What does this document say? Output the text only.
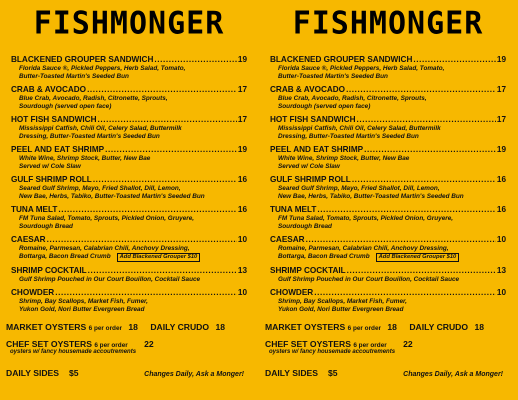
FISHMONGER
BLACKENED GROUPER SANDWICH .....	19
Florida Sauce ®, Pickled Peppers, Herb Salad, Tomato,
Butter-Toasted Martin's Seeded Bun
CRAB & AVOCADO .....	17
Blue Crab, Avocado, Radish, Citronette, Sprouts,
Sourdough (served open face)
HOT FISH SANDWICH .....	17
Mississippi Catfish, Chili Oil, Celery Salad, Buttermilk
Dressing, Butter-Toasted Martin's Seeded Bun
PEEL AND EAT SHRIMP .....	19
White Wine, Shrimp Stock, Butter, New Bae
Served w/ Cole Slaw
GULF SHRIMP ROLL .....	16
Seared Gulf Shrimp, Mayo, Fried Shallot, Dill, Lemon,
New Bae, Herbs, Tabiko, Butter-Toasted Martin's Seeded Bun
TUNA MELT .....	16
FM Tuna Salad, Tomato, Sprouts, Pickled Onion, Gruyere,
Sourdough Bread
CAESAR .....	10
Romaine, Parmesan, Calabrian Chili, Anchovy Dressing,
Bottarga, Bacon Bread Crumb Add Blackened Grouper $10
SHRIMP COCKTAIL .....	13
Gulf Shrimp Pouched in Our Court Bouillon, Cocktail Sauce
CHOWDER .....	10
Shrimp, Bay Scallops, Market Fish, Fumer,
Yukon Gold, Nori Butter Evergreen Bread
MARKET OYSTERS 6 per order 18 DAILY CRUDO 18
CHEF SET OYSTERS 6 per order 22
oysters w/ fancy housemade accoutrements
DAILY SIDES $5	Changes Daily, Ask a Monger!
FISHMONGER
BLACKENED GROUPER SANDWICH .....	19
Florida Sauce ®, Pickled Peppers, Herb Salad, Tomato,
Butter-Toasted Martin's Seeded Bun
CRAB & AVOCADO .....	17
Blue Crab, Avocado, Radish, Citronette, Sprouts,
Sourdough (served open face)
HOT FISH SANDWICH .....	17
Mississippi Catfish, Chili Oil, Celery Salad, Buttermilk
Dressing, Butter-Toasted Martin's Seeded Bun
PEEL AND EAT SHRIMP .....	19
White Wine, Shrimp Stock, Butter, New Bae
Served w/ Cole Slaw
GULF SHRIMP ROLL .....	16
Seared Gulf Shrimp, Mayo, Fried Shallot, Dill, Lemon,
New Bae, Herbs, Tabiko, Butter-Toasted Martin's Seeded Bun
TUNA MELT .....	16
FM Tuna Salad, Tomato, Sprouts, Pickled Onion, Gruyere,
Sourdough Bread
CAESAR .....	10
Romaine, Parmesan, Calabrian Chili, Anchovy Dressing,
Bottarga, Bacon Bread Crumb Add Blackened Grouper $10
SHRIMP COCKTAIL .....	13
Gulf Shrimp Pouched in Our Court Bouillon, Cocktail Sauce
CHOWDER .....	10
Shrimp, Bay Scallops, Market Fish, Fumer,
Yukon Gold, Nori Butter Evergreen Bread
MARKET OYSTERS 6 per order 18 DAILY CRUDO 18
CHEF SET OYSTERS 6 per order 22
oysters w/ fancy housemade accoutrements
DAILY SIDES $5	Changes Daily, Ask a Monger!
